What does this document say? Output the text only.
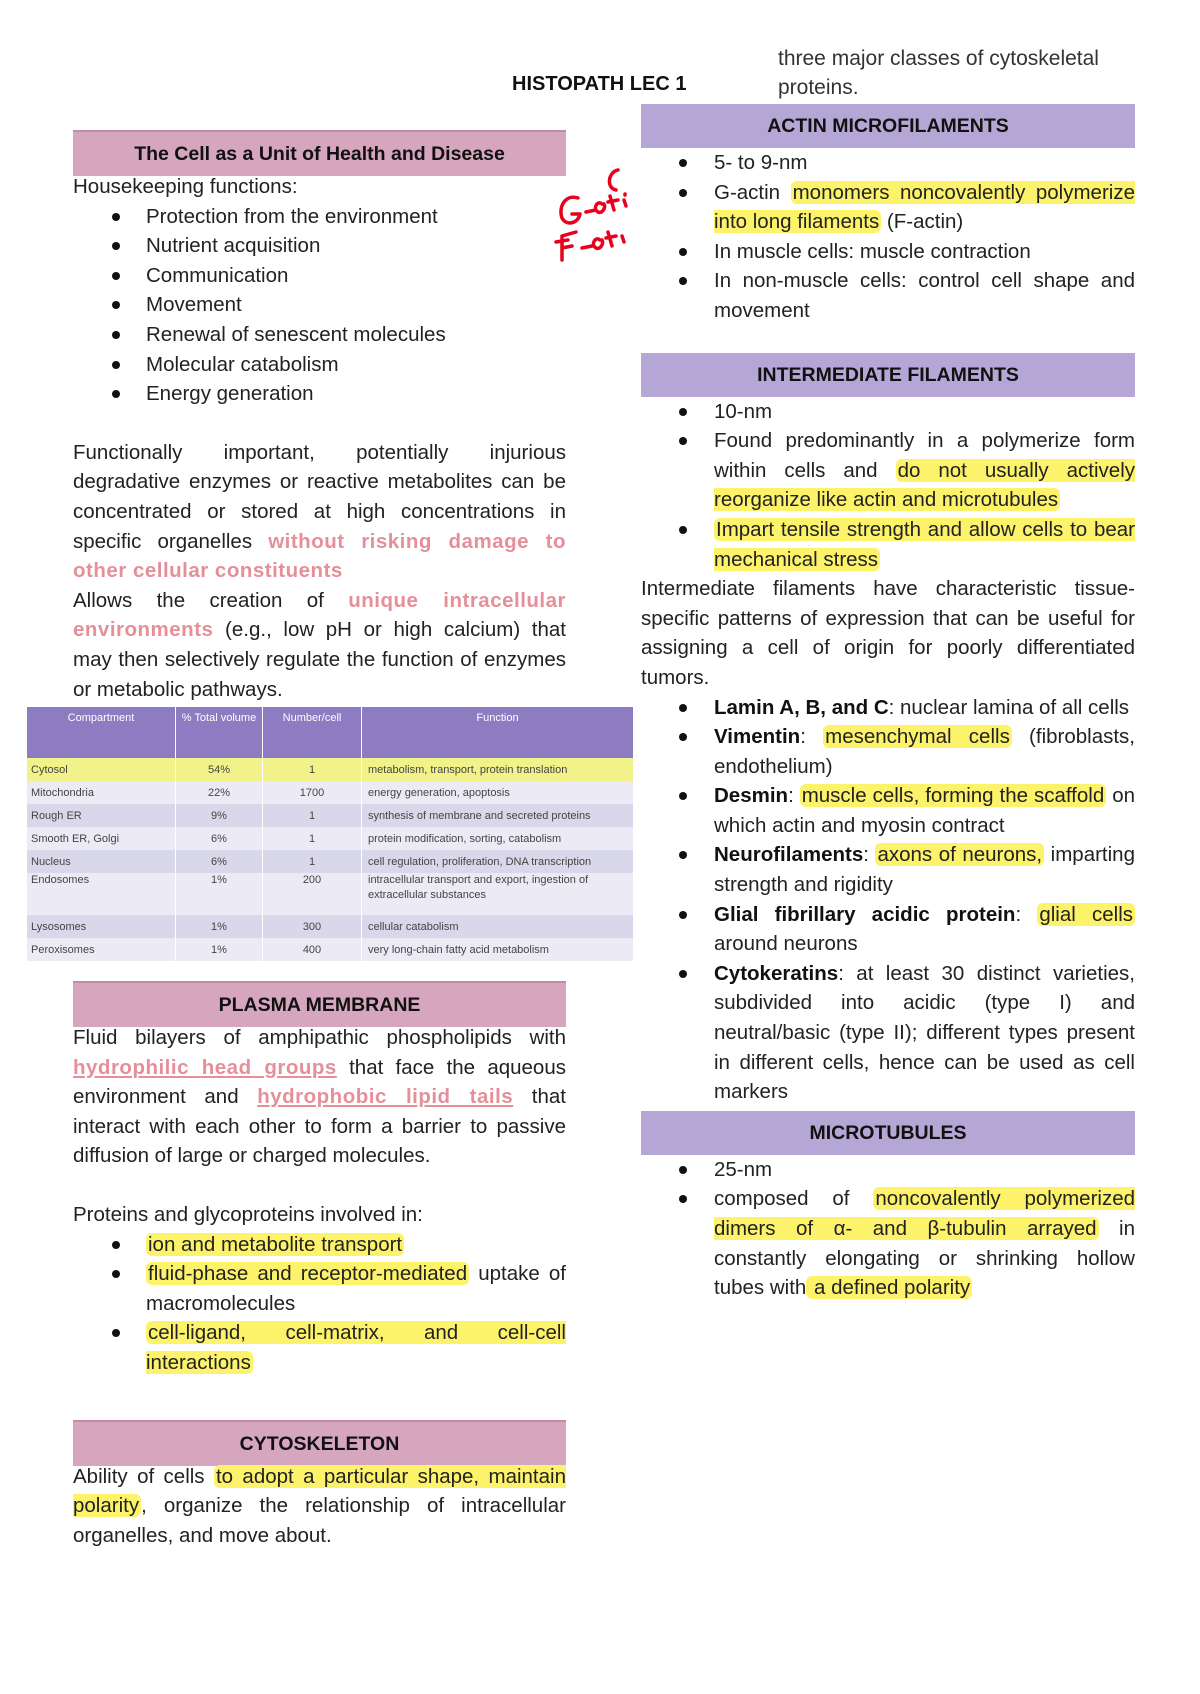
HISTOPATH LEC 1
The Cell as a Unit of Health and Disease
Housekeeping functions:
Protection from the environment
Nutrient acquisition
Communication
Movement
Renewal of senescent molecules
Molecular catabolism
Energy generation

Functionally important, potentially injurious degradative enzymes or reactive metabolites can be concentrated or stored at high concentrations in specific organelles without risking damage to other cellular constituents

Allows the creation of unique intracellular environments (e.g., low pH or high calcium) that may then selectively regulate the function of enzymes or metabolic pathways.

Compartment	% Total volume	Number/cell	Function
Cytosol	54%	1	metabolism, transport, protein translation
Mitochondria	22%	1700	energy generation, apoptosis
Rough ER	9%	1	synthesis of membrane and secreted proteins
Smooth ER, Golgi	6%	1	protein modification, sorting, catabolism
Nucleus	6%	1	cell regulation, proliferation, DNA transcription
Endosomes	1%	200	intracellular transport and export, ingestion of extracellular substances
Lysosomes	1%	300	cellular catabolism
Peroxisomes	1%	400	very long-chain fatty acid metabolism
PLASMA MEMBRANE
Fluid bilayers of amphipathic phospholipids with hydrophilic head groups that face the aqueous environment and hydrophobic lipid tails that interact with each other to form a barrier to passive diffusion of large or charged molecules.
Proteins and glycoproteins involved in:
ion and metabolite transport
fluid-phase and receptor-mediated uptake of macromolecules
cell-ligand, cell-matrix, and cell-cell interactions
CYTOSKELETON
Ability of cells to adopt a particular shape, maintain polarity, organize the relationship of intracellular organelles, and move about.
three major classes of cytoskeletal proteins.
ACTIN MICROFILAMENTS
5- to 9-nm
G-actin monomers noncovalently polymerize into long filaments (F-actin)
In muscle cells: muscle contraction
In non-muscle cells: control cell shape and movement
INTERMEDIATE FILAMENTS
10-nm
Found predominantly in a polymerize form within cells and do not usually actively reorganize like actin and microtubules
Impart tensile strength and allow cells to bear mechanical stress
Intermediate filaments have characteristic tissue-specific patterns of expression that can be useful for assigning a cell of origin for poorly differentiated tumors.
Lamin A, B, and C: nuclear lamina of all cells
Vimentin: mesenchymal cells (fibroblasts, endothelium)
Desmin: muscle cells, forming the scaffold on which actin and myosin contract
Neurofilaments: axons of neurons, imparting strength and rigidity
Glial fibrillary acidic protein: glial cells around neurons
Cytokeratins: at least 30 distinct varieties, subdivided into acidic (type I) and neutral/basic (type II); different types present in different cells, hence can be used as cell markers
MICROTUBULES
25-nm
composed of noncovalently polymerized dimers of α- and β-tubulin arrayed in constantly elongating or shrinking hollow tubes with a defined polarity
